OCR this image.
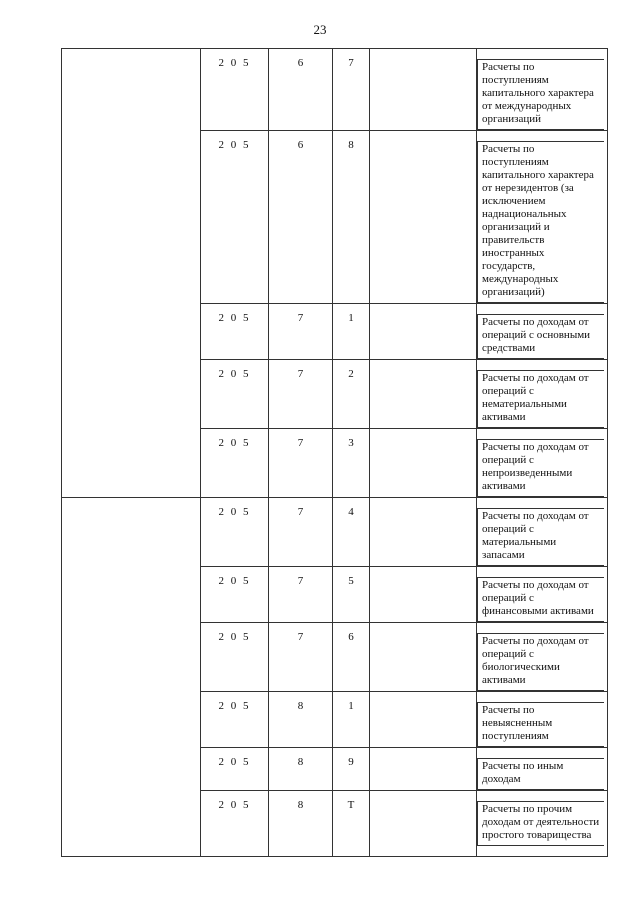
23
	2 0 5	6	7		Расчеты по поступлениям капитального характера от международных организаций

	2 0 5	6	8		Расчеты по поступлениям капитального характера от нерезидентов (за исключением наднациональных организаций и правительств иностранных государств, международных организаций)

	2 0 5	7	1		Расчеты по доходам от операций с основными средствами

	2 0 5	7	2		Расчеты по доходам от операций с нематериальными активами

	2 0 5	7	3		Расчеты по доходам от операций с непроизведенными активами

	2 0 5	7	4		Расчеты по доходам от операций с материальными запасами

	2 0 5	7	5		Расчеты по доходам от операций с финансовыми активами

	2 0 5	7	6		Расчеты по доходам от операций с биологическими активами

	2 0 5	8	1		Расчеты по невыясненным поступлениям

	2 0 5	8	9		Расчеты по иным доходам

	2 0 5	8	Т		Расчеты по прочим доходам от деятельности простого товарищества
